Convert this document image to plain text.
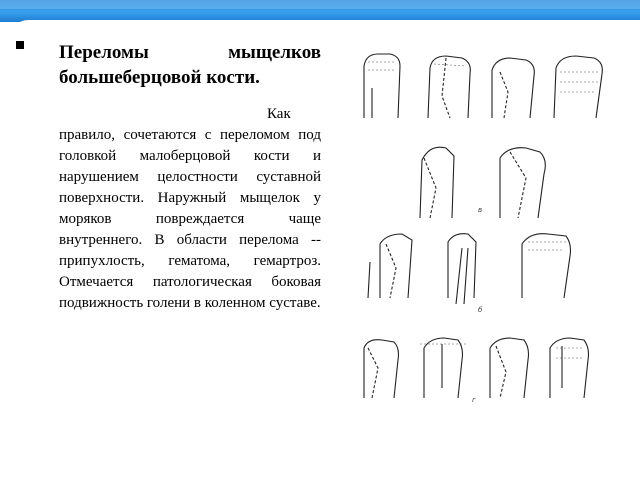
Переломы мыщелков
большеберцовой кости.
Как правило, сочетаются с переломом под головкой малоберцовой кости и нарушением целостности суставной поверхности. Наружный мыщелок у моряков повреждается чаще внутреннего. В области перелома -- припухлость, гематома, гемартроз. Отмечается патологическая боковая подвижность голени в коленном суставе.
в
б
г
